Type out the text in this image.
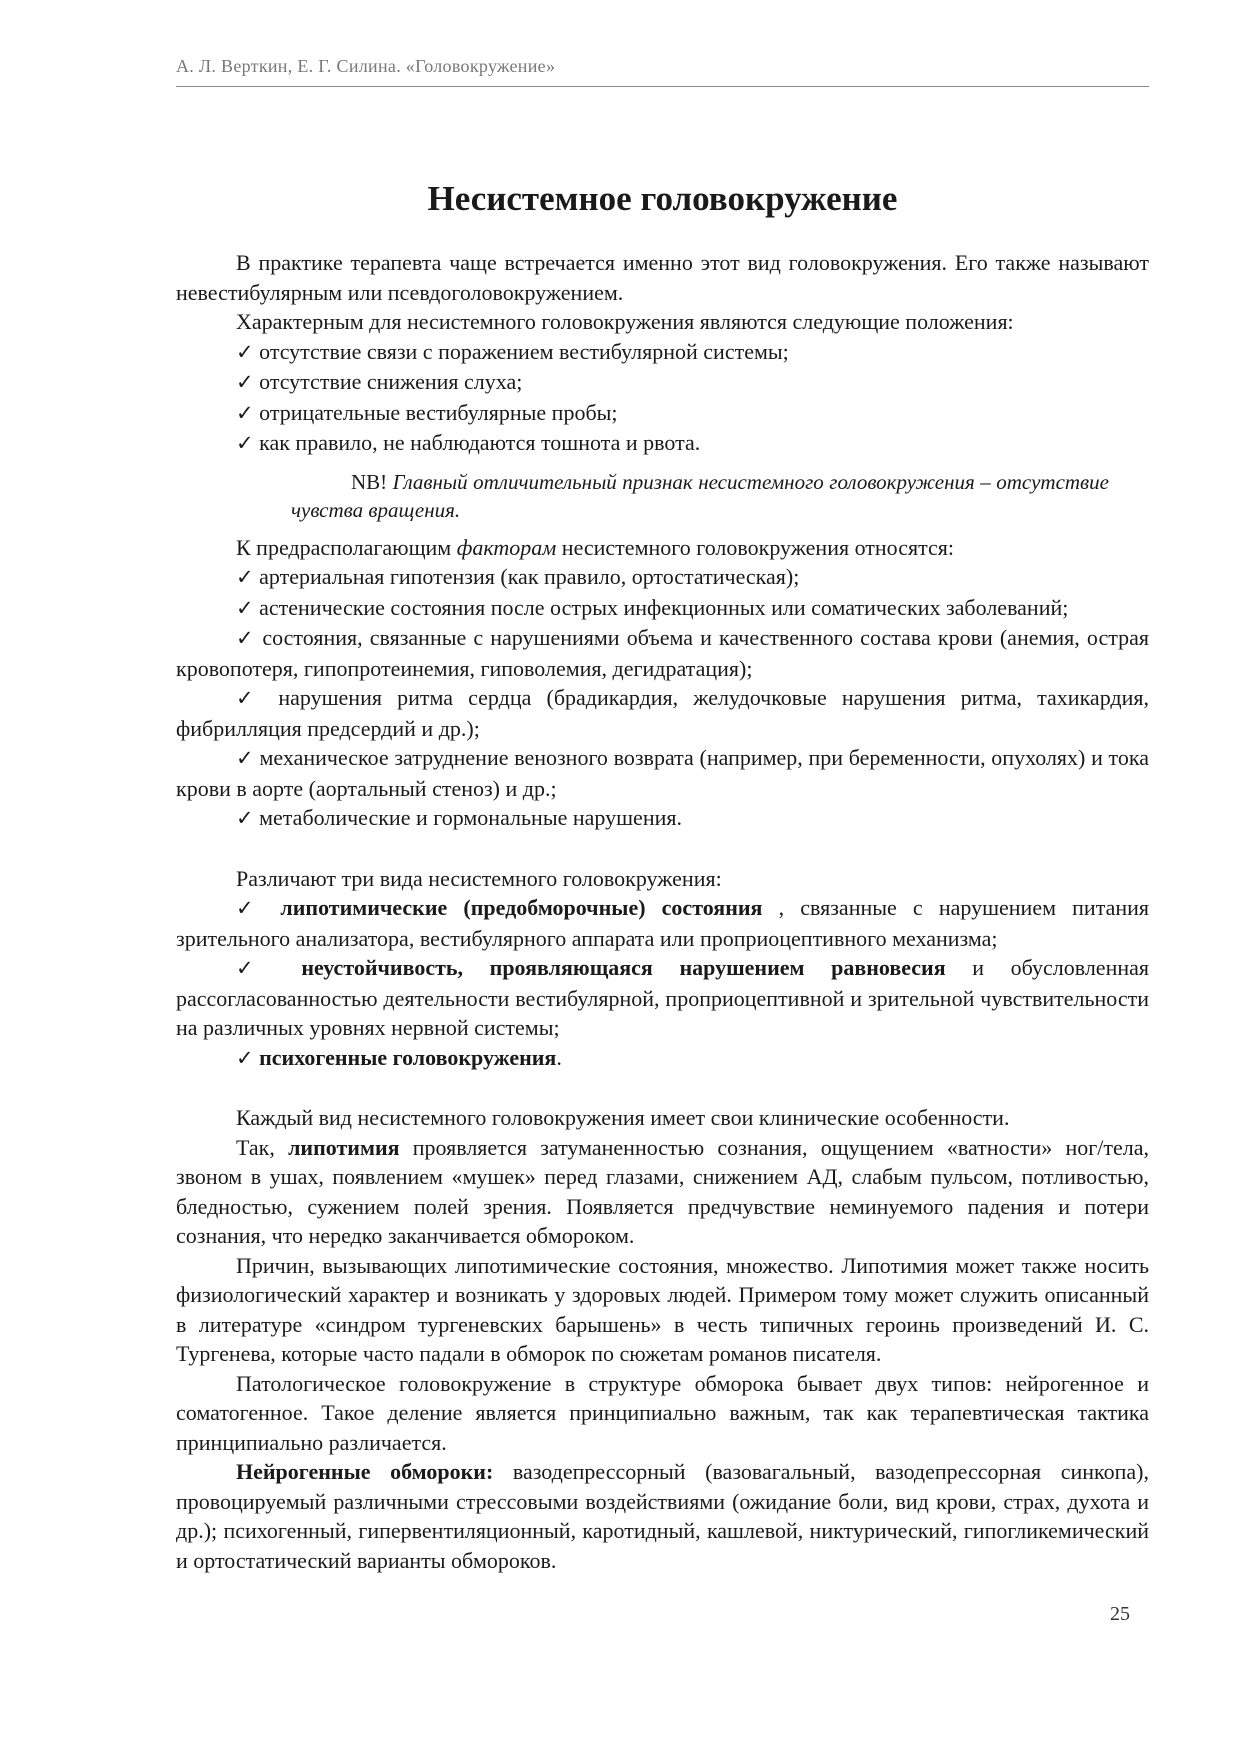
А. Л. Верткин, Е. Г. Силина. «Головокружение»
Несистемное головокружение

В практике терапевта чаще встречается именно этот вид головокружения. Его также называют невестибулярным или псевдоголовокружением.

Характерным для несистемного головокружения являются следующие положения:

✓ отсутствие связи с поражением вестибулярной системы;

✓ отсутствие снижения слуха;

✓ отрицательные вестибулярные пробы;

✓ как правило, не наблюдаются тошнота и рвота.

NB! Главный отличительный признак несистемного головокружения – отсутствие чувства вращения.

К предрасполагающим факторам несистемного головокружения относятся:

✓ артериальная гипотензия (как правило, ортостатическая);

✓ астенические состояния после острых инфекционных или соматических заболеваний;

✓ состояния, связанные с нарушениями объема и качественного состава крови (анемия, острая кровопотеря, гипопротеинемия, гиповолемия, дегидратация);

✓ нарушения ритма сердца (брадикардия, желудочковые нарушения ритма, тахикардия, фибрилляция предсердий и др.);

✓ механическое затруднение венозного возврата (например, при беременности, опухолях) и тока крови в аорте (аортальный стеноз) и др.;

✓ метаболические и гормональные нарушения.

Различают три вида несистемного головокружения:

✓ липотимические (предобморочные) состояния , связанные с нарушением питания зрительного анализатора, вестибулярного аппарата или проприоцептивного механизма;

✓ неустойчивость, проявляющаяся нарушением равновесия и обусловленная рассогласованностью деятельности вестибулярной, проприоцептивной и зрительной чувствительности на различных уровнях нервной системы;

✓ психогенные головокружения.

Каждый вид несистемного головокружения имеет свои клинические особенности.

Так, липотимия проявляется затуманенностью сознания, ощущением «ватности» ног/тела, звоном в ушах, появлением «мушек» перед глазами, снижением АД, слабым пульсом, потливостью, бледностью, сужением полей зрения. Появляется предчувствие неминуемого падения и потери сознания, что нередко заканчивается обмороком.

Причин, вызывающих липотимические состояния, множество. Липотимия может также носить физиологический характер и возникать у здоровых людей. Примером тому может служить описанный в литературе «синдром тургеневских барышень» в честь типичных героинь произведений И. С. Тургенева, которые часто падали в обморок по сюжетам романов писателя.

Патологическое головокружение в структуре обморока бывает двух типов: нейрогенное и соматогенное. Такое деление является принципиально важным, так как терапевтическая тактика принципиально различается.

Нейрогенные обмороки: вазодепрессорный (вазовагальный, вазодепрессорная синкопа), провоцируемый различными стрессовыми воздействиями (ожидание боли, вид крови, страх, духота и др.); психогенный, гипервентиляционный, каротидный, кашлевой, никтурический, гипогликемический и ортостатический варианты обмороков.

25
